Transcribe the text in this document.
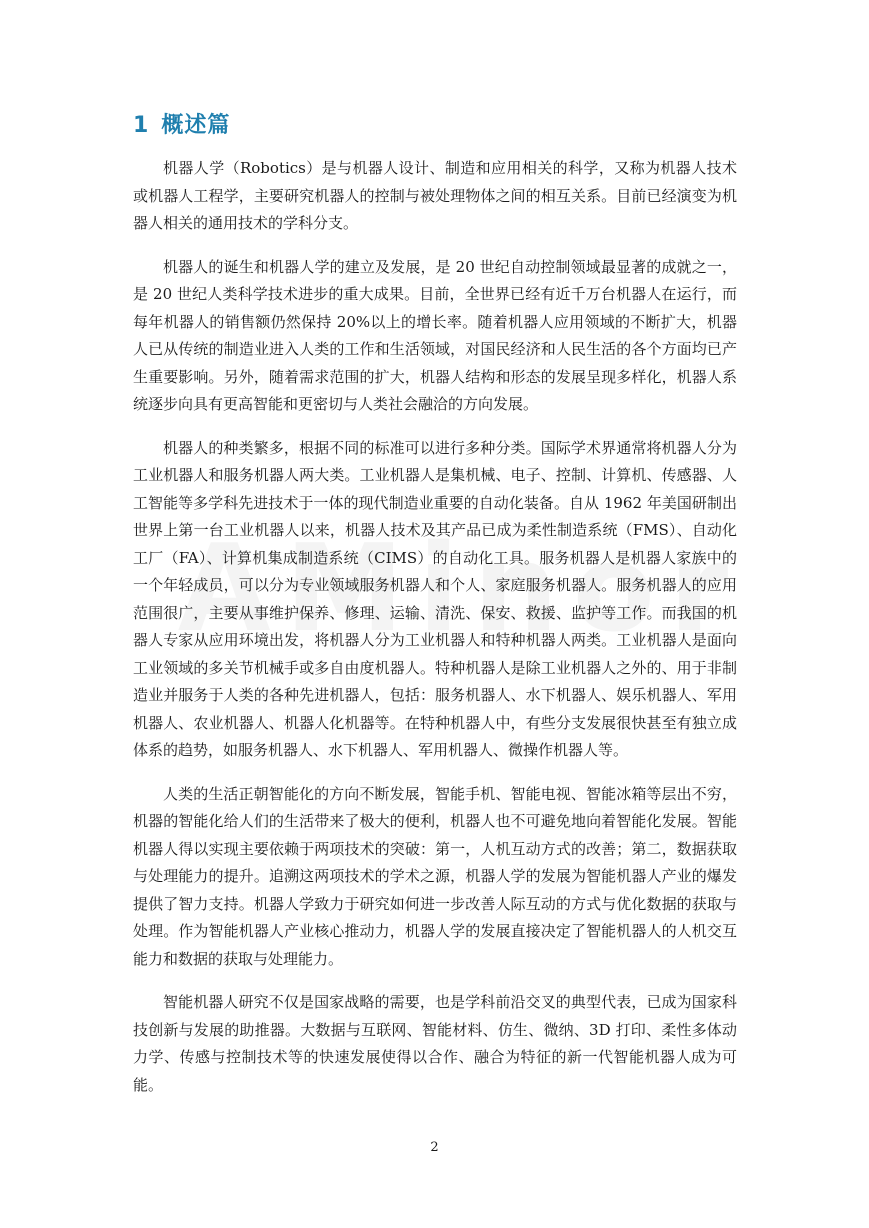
1 概述篇

机器人学（Robotics）是与机器人设计、制造和应用相关的科学，又称为机器人技术或机器人工程学，主要研究机器人的控制与被处理物体之间的相互关系。目前已经演变为机器人相关的通用技术的学科分支。

机器人的诞生和机器人学的建立及发展，是 20 世纪自动控制领域最显著的成就之一，是 20 世纪人类科学技术进步的重大成果。目前，全世界已经有近千万台机器人在运行，而每年机器人的销售额仍然保持 20%以上的增长率。随着机器人应用领域的不断扩大，机器人已从传统的制造业进入人类的工作和生活领域，对国民经济和人民生活的各个方面均已产生重要影响。另外，随着需求范围的扩大，机器人结构和形态的发展呈现多样化，机器人系统逐步向具有更高智能和更密切与人类社会融洽的方向发展。

机器人的种类繁多，根据不同的标准可以进行多种分类。国际学术界通常将机器人分为工业机器人和服务机器人两大类。工业机器人是集机械、电子、控制、计算机、传感器、人工智能等多学科先进技术于一体的现代制造业重要的自动化装备。自从 1962 年美国研制出世界上第一台工业机器人以来，机器人技术及其产品已成为柔性制造系统（FMS）、自动化工厂（FA）、计算机集成制造系统（CIMS）的自动化工具。服务机器人是机器人家族中的一个年轻成员，可以分为专业领域服务机器人和个人、家庭服务机器人。服务机器人的应用范围很广，主要从事维护保养、修理、运输、清洗、保安、救援、监护等工作。而我国的机器人专家从应用环境出发，将机器人分为工业机器人和特种机器人两类。工业机器人是面向工业领域的多关节机械手或多自由度机器人。特种机器人是除工业机器人之外的、用于非制造业并服务于人类的各种先进机器人，包括：服务机器人、水下机器人、娱乐机器人、军用机器人、农业机器人、机器人化机器等。在特种机器人中，有些分支发展很快甚至有独立成体系的趋势，如服务机器人、水下机器人、军用机器人、微操作机器人等。

人类的生活正朝智能化的方向不断发展，智能手机、智能电视、智能冰箱等层出不穷，机器的智能化给人们的生活带来了极大的便利，机器人也不可避免地向着智能化发展。智能机器人得以实现主要依赖于两项技术的突破：第一，人机互动方式的改善；第二，数据获取与处理能力的提升。追溯这两项技术的学术之源，机器人学的发展为智能机器人产业的爆发提供了智力支持。机器人学致力于研究如何进一步改善人际互动的方式与优化数据的获取与处理。作为智能机器人产业核心推动力，机器人学的发展直接决定了智能机器人的人机交互能力和数据的获取与处理能力。

智能机器人研究不仅是国家战略的需要，也是学科前沿交叉的典型代表，已成为国家科技创新与发展的助推器。大数据与互联网、智能材料、仿生、微纳、3D 打印、柔性多体动力学、传感与控制技术等的快速发展使得以合作、融合为特征的新一代智能机器人成为可能。

2
